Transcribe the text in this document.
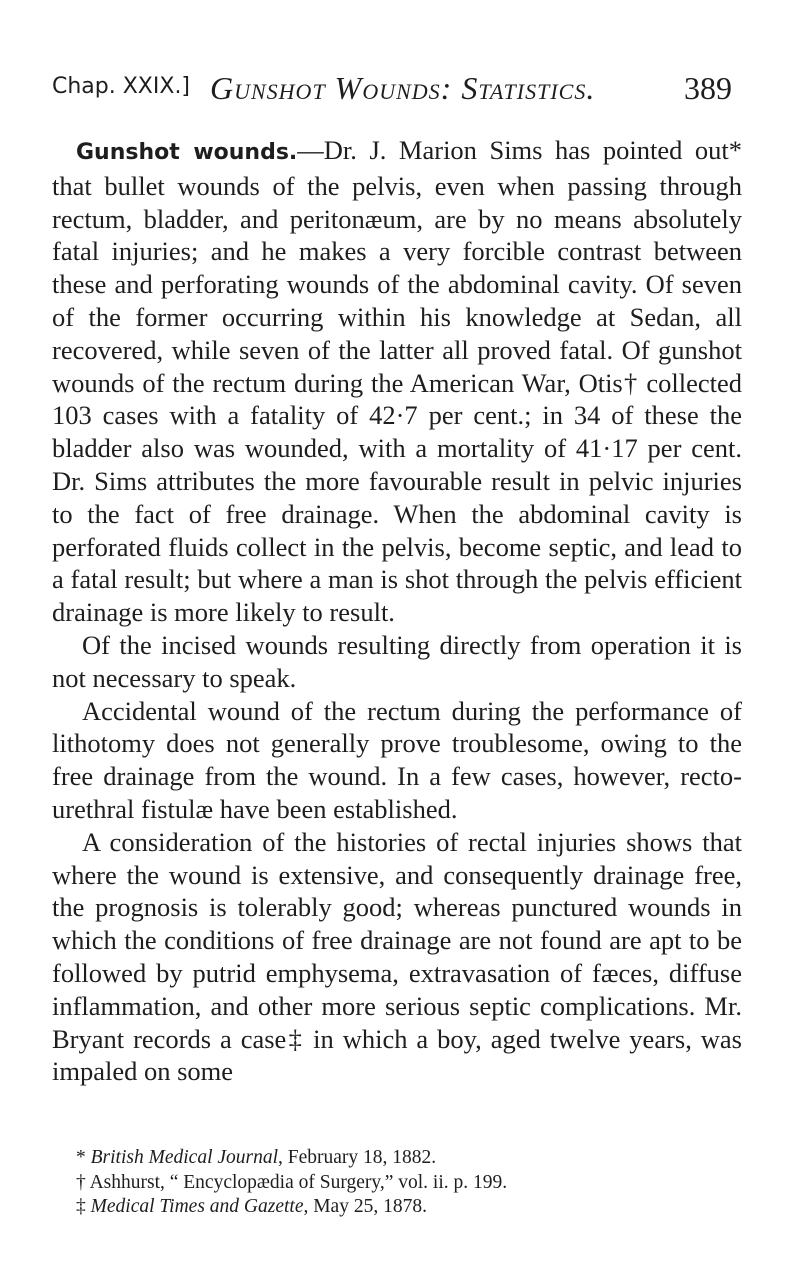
Chap. XXIX.] Gunshot Wounds: Statistics.	389

Gunshot wounds.—Dr. J. Marion Sims has pointed out* that bullet wounds of the pelvis, even when passing through rectum, bladder, and peritonæum, are by no means absolutely fatal injuries; and he makes a very forcible contrast between these and perforating wounds of the abdominal cavity. Of seven of the former occurring within his knowledge at Sedan, all recovered, while seven of the latter all proved fatal. Of gunshot wounds of the rectum during the American War, Otis† collected 103 cases with a fatality of 42·7 per cent.; in 34 of these the bladder also was wounded, with a mortality of 41·17 per cent. Dr. Sims attributes the more favourable result in pelvic injuries to the fact of free drainage. When the abdominal cavity is perforated fluids collect in the pelvis, become septic, and lead to a fatal result; but where a man is shot through the pelvis efficient drainage is more likely to result.

Of the incised wounds resulting directly from operation it is not necessary to speak.

Accidental wound of the rectum during the performance of lithotomy does not generally prove troublesome, owing to the free drainage from the wound. In a few cases, however, recto-urethral fistulæ have been established.

A consideration of the histories of rectal injuries shows that where the wound is extensive, and consequently drainage free, the prognosis is tolerably good; whereas punctured wounds in which the conditions of free drainage are not found are apt to be followed by putrid emphysema, extravasation of fæces, diffuse inflammation, and other more serious septic complications. Mr. Bryant records a case‡ in which a boy, aged twelve years, was impaled on some

* British Medical Journal, February 18, 1882.
† Ashhurst, “ Encyclopædia of Surgery,” vol. ii. p. 199.
‡ Medical Times and Gazette, May 25, 1878.
